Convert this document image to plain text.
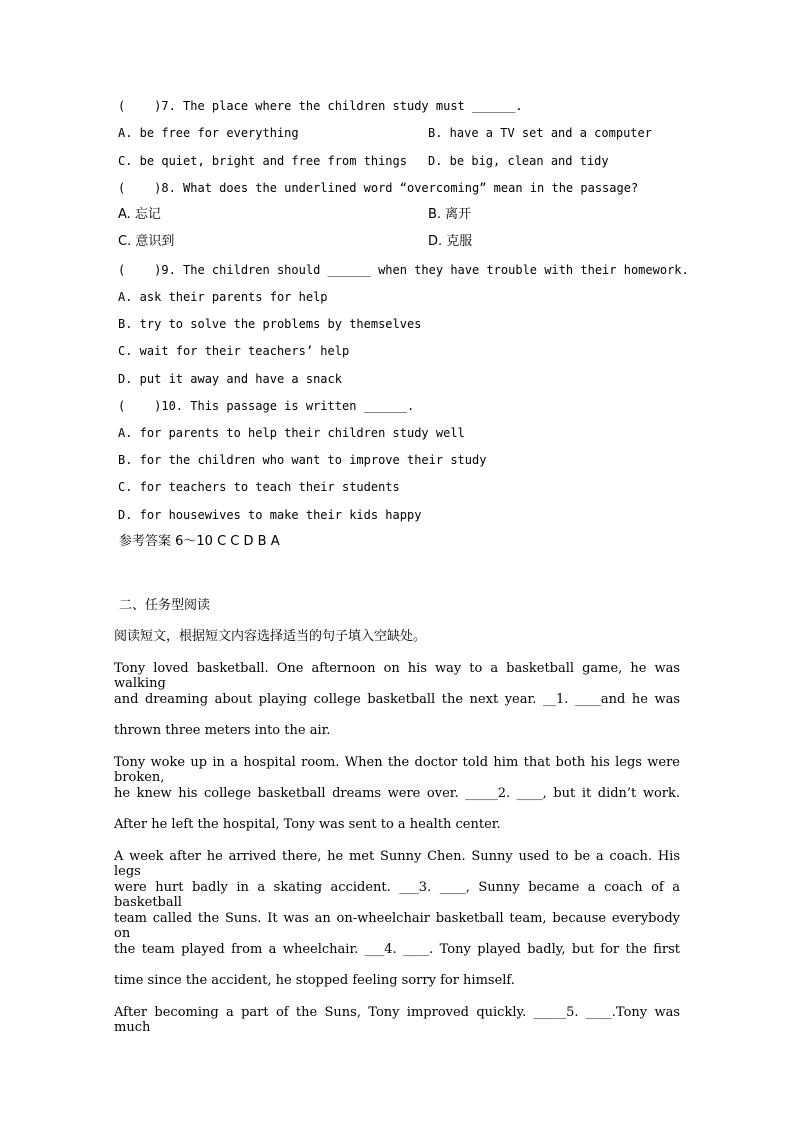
(    )7. The place where the children study must ______.
A. be free for everything	B. have a TV set and a computer
C. be quiet, bright and free from things D. be big, clean and tidy
(    )8. What does the underlined word “overcoming” mean in the passage?
A. 忘记	B. 离开
C. 意识到	D. 克服
(    )9. The children should ______ when they have trouble with their homework.
A. ask their parents for help
B. try to solve the problems by themselves
C. wait for their teachers’ help
D. put it away and have a snack
(    )10. This passage is written ______.
A. for parents to help their children study well
B. for the children who want to improve their study
C. for teachers to teach their students
D. for housewives to make their kids happy
参考答案 6～10 C C D B A
二、任务型阅读
阅读短文，根据短文内容选择适当的句子填入空缺处。
Tony loved basketball. One afternoon on his way to a basketball game, he was walking
and dreaming about playing college basketball the next year. __1. ____and he was
thrown three meters into the air.
Tony woke up in a hospital room. When the doctor told him that both his legs were broken,
he knew his college basketball dreams were over. _____2. ____, but it didn’t work.
After he left the hospital, Tony was sent to a health center.
A week after he arrived there, he met Sunny Chen. Sunny used to be a coach. His legs
were hurt badly in a skating accident. ___3. ____, Sunny became a coach of a basketball
team called the Suns. It was an on-wheelchair basketball team, because everybody on
the team played from a wheelchair. ___4. ____. Tony played badly, but for the first
time since the accident, he stopped feeling sorry for himself.
After becoming a part of the Suns, Tony improved quickly. _____5. ____.Tony was much
